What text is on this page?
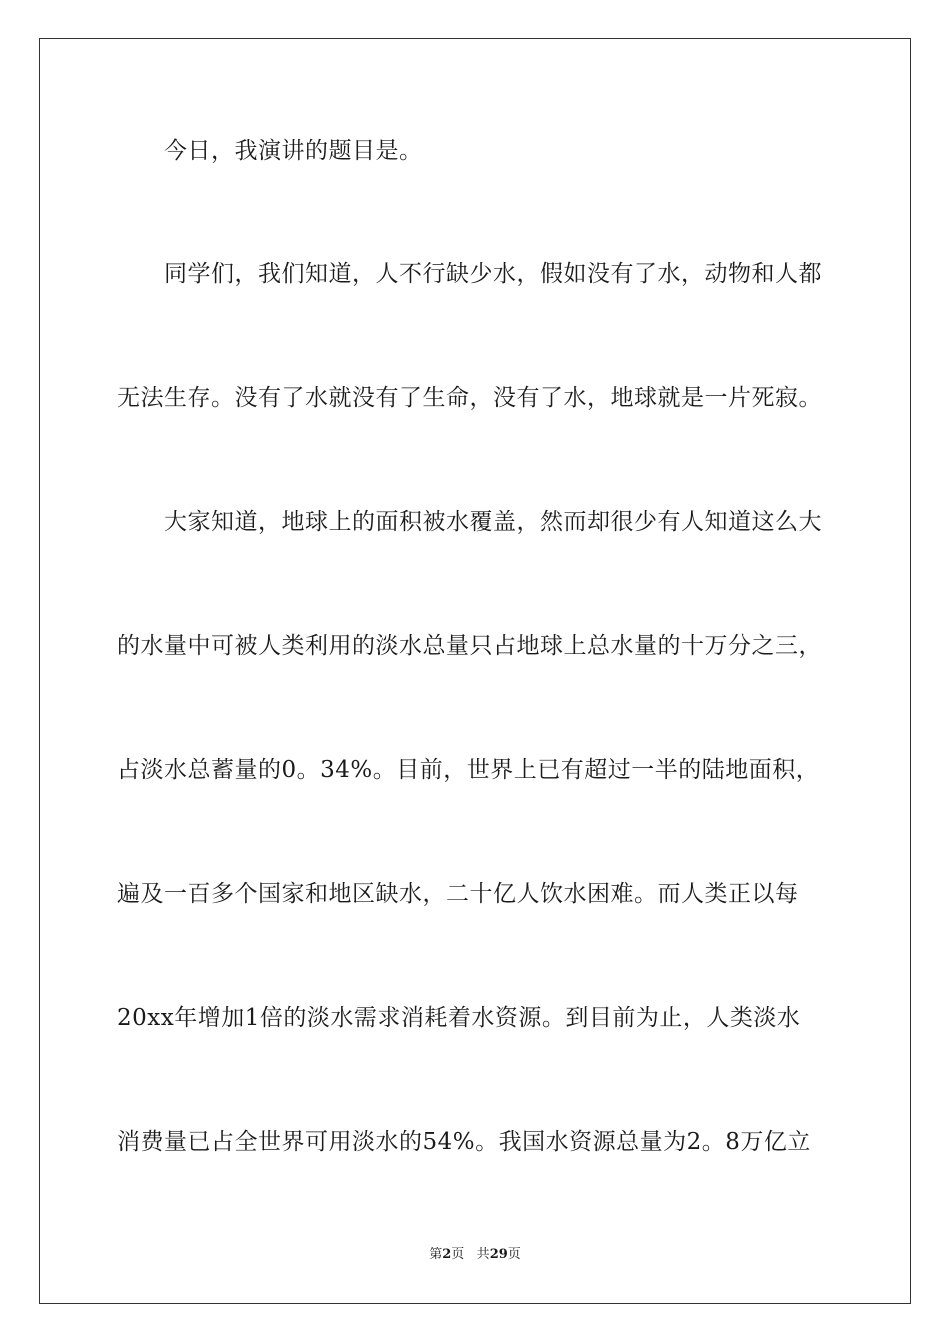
今日，我演讲的题目是。
同学们，我们知道，人不行缺少水，假如没有了水，动物和人都
无法生存。没有了水就没有了生命，没有了水，地球就是一片死寂。
大家知道，地球上的面积被水覆盖，然而却很少有人知道这么大
的水量中可被人类利用的淡水总量只占地球上总水量的十万分之三，
占淡水总蓄量的0。34%。目前，世界上已有超过一半的陆地面积，
遍及一百多个国家和地区缺水，二十亿人饮水困难。而人类正以每
20xx年增加1倍的淡水需求消耗着水资源。到目前为止，人类淡水
消费量已占全世界可用淡水的54%。我国水资源总量为2。8万亿立
第2页 共29页
